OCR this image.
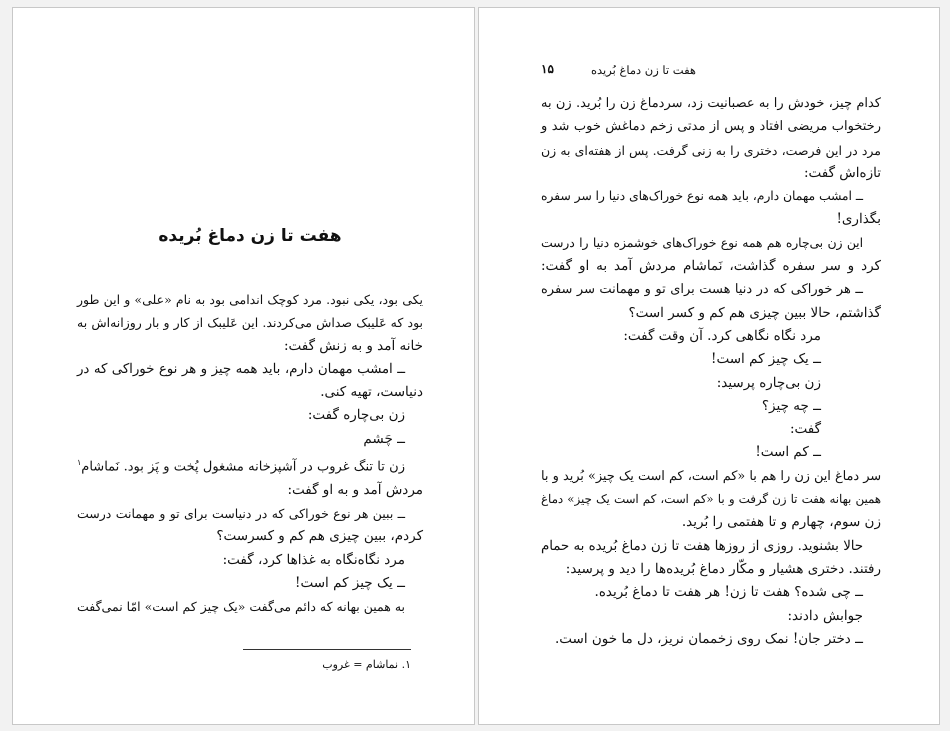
هفت تا زن دماغ بُریده
یکی بود، یکی نبود. مرد کوچک اندامی بود به نام «علی» و این طور
بود که عَلیبک صداش می‌کردند. این عَلیبک از کار و بار روزانه‌اش به
خانه آمد و به زنش گفت:
ــ امشب مهمان دارم، باید همه چیز و هر نوع خوراکی که در
دنیاست، تهیه کنی.
زن بی‌چاره گفت:
ــ چَشم
زن تا تنگ غروب در آشپزخانه مشغول پُخت و پَز بود. نَماشام$^۱$
مردش آمد و به او گفت:
ــ ببین هر نوع خوراکی که در دنیاست برای تو و مهمانت درست
کردم، ببین چیزی هم کم و کسرست؟
مرد نگاه‌نگاه به غذاها کرد، گفت:
ــ یک چیز کم است!
به همین بهانه که دائم می‌گفت «یک چیز کم است» امّا نمی‌گفت
۱. نماشام = غروب
۱۵	هفت تا زن دماغ بُریده
کدام چیز، خودش را به عصبانیت زد، سردماغ زن را بُرید. زن به
رختخواب مریضی افتاد و پس از مدتی زخم دماغش خوب شد و
مرد در این فرصت، دختری را به زنی گرفت. پس از هفته‌ای به زن
تازه‌اش گفت:
ــ امشب مهمان دارم، باید همه نوع خوراک‌های دنیا را سر سفره
بگذاری!
این زن بی‌چاره هم همه نوع خوراک‌های خوشمزه دنیا را درست
کرد و سر سفره گذاشت، نَماشام مردش آمد به او گفت:
ــ هر خوراکی که در دنیا هست برای تو و مهمانت سر سفره
گذاشتم، حالا ببین چیزی هم کم و کسر است؟
مرد نگاه نگاهی کرد. آن وقت گفت:
ــ یک چیز کم است!
زن بی‌چاره پرسید:
ــ چه چیز؟
گفت:
ــ کم است!
سر دماغ این زن را هم با «کم است، کم است یک چیز» بُرید و با
همین بهانه هفت تا زن گرفت و با «کم است، کم است یک چیز» دماغ
زن سوم، چهارم و تا هفتمی را بُرید.
حالا بشنوید. روزی از روزها هفت تا زن دماغ بُریده به حمام
رفتند. دختری هشیار و مکّار دماغ بُریده‌ها را دید و پرسید:
ــ چی شده؟ هفت تا زن! هر هفت تا دماغ بُریده.
جوابش دادند:
ــ دختر جان! نمک روی زخممان نریز، دل ما خون است.
